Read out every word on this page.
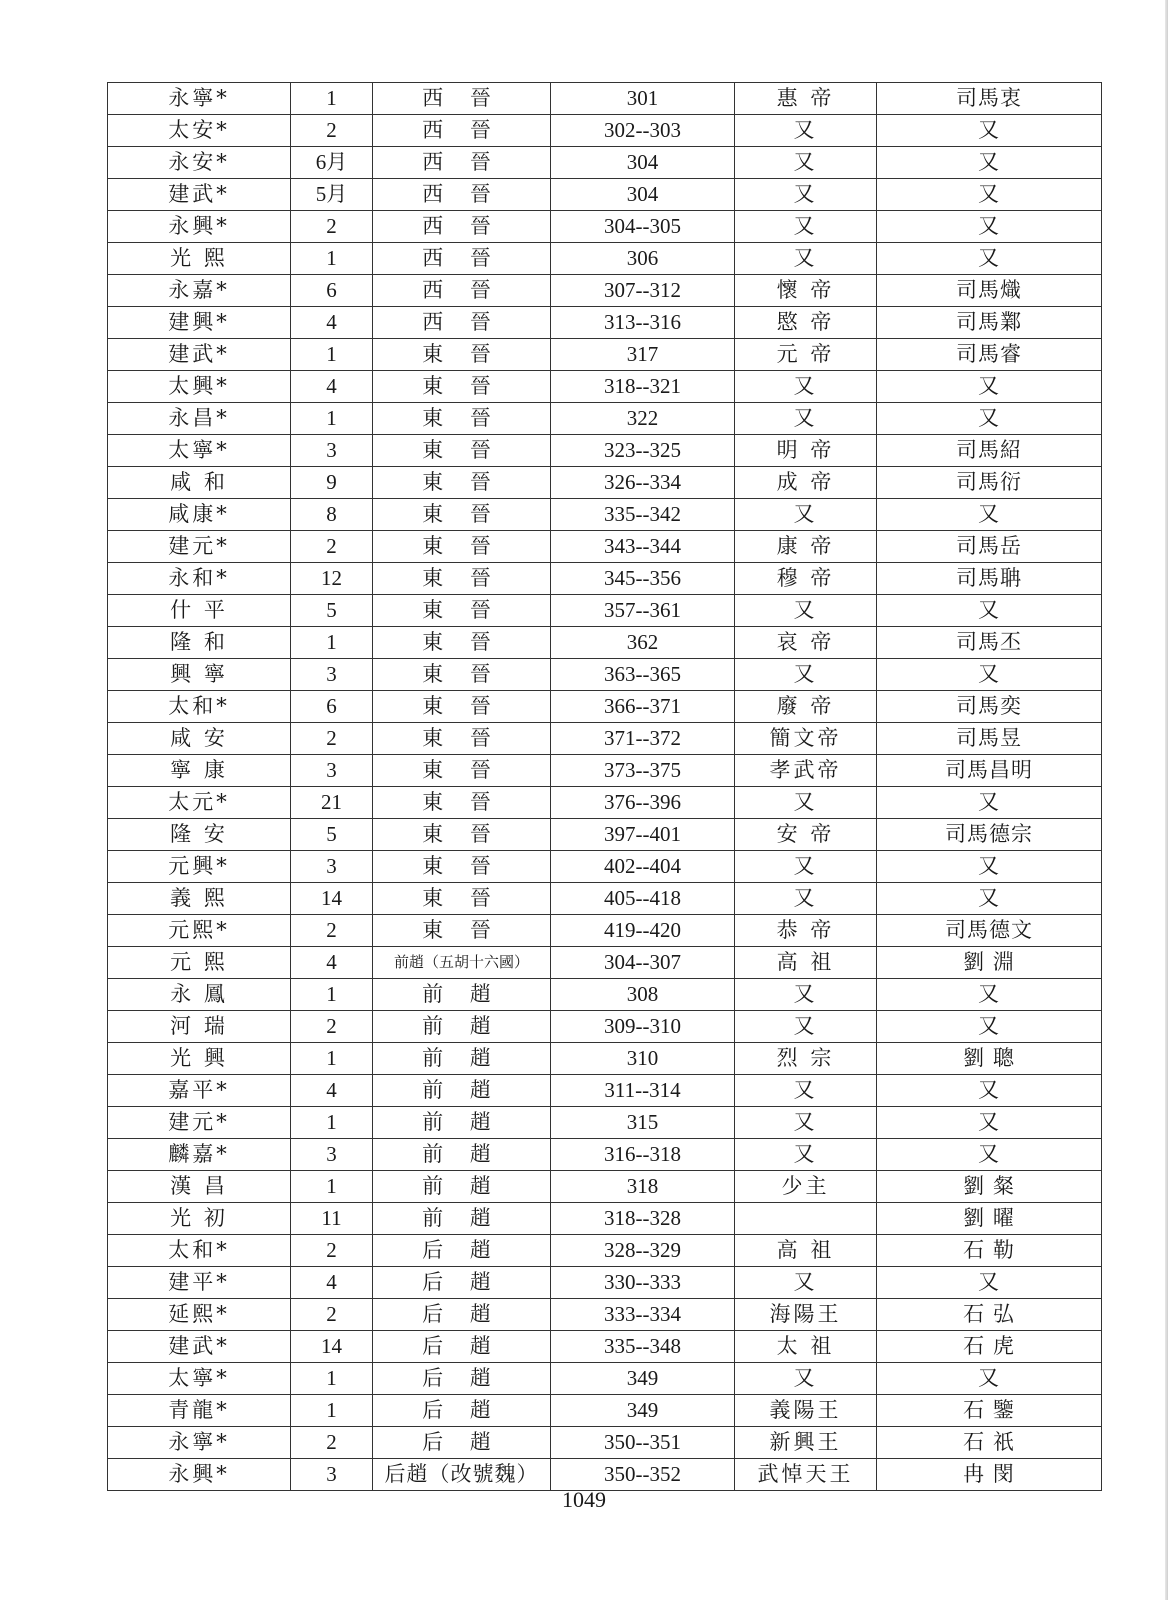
永寧*	1	西 晉	301	惠 帝	司馬衷
太安*	2	西 晉	302--303	又	又
永安*	6月	西 晉	304	又	又
建武*	5月	西 晉	304	又	又
永興*	2	西 晉	304--305	又	又
光 熙	1	西 晉	306	又	又
永嘉*	6	西 晉	307--312	懷 帝	司馬熾
建興*	4	西 晉	313--316	愍 帝	司馬鄴
建武*	1	東 晉	317	元 帝	司馬睿
太興*	4	東 晉	318--321	又	又
永昌*	1	東 晉	322	又	又
太寧*	3	東 晉	323--325	明 帝	司馬紹
咸 和	9	東 晉	326--334	成 帝	司馬衍
咸康*	8	東 晉	335--342	又	又
建元*	2	東 晉	343--344	康 帝	司馬岳
永和*	12	東 晉	345--356	穆 帝	司馬聃
什 平	5	東 晉	357--361	又	又
隆 和	1	東 晉	362	哀 帝	司馬丕
興 寧	3	東 晉	363--365	又	又
太和*	6	東 晉	366--371	廢 帝	司馬奕
咸 安	2	東 晉	371--372	簡文帝	司馬昱
寧 康	3	東 晉	373--375	孝武帝	司馬昌明
太元*	21	東 晉	376--396	又	又
隆 安	5	東 晉	397--401	安 帝	司馬德宗
元興*	3	東 晉	402--404	又	又
義 熙	14	東 晉	405--418	又	又
元熙*	2	東 晉	419--420	恭 帝	司馬德文
元 熙	4	前趙（五胡十六國）	304--307	高 祖	劉 淵
永 鳳	1	前 趙	308	又	又
河 瑞	2	前 趙	309--310	又	又
光 興	1	前 趙	310	烈 宗	劉 聰
嘉平*	4	前 趙	311--314	又	又
建元*	1	前 趙	315	又	又
麟嘉*	3	前 趙	316--318	又	又
漢 昌	1	前 趙	318	少主	劉 粲
光 初	11	前 趙	318--328		劉 曜
太和*	2	后 趙	328--329	高 祖	石 勒
建平*	4	后 趙	330--333	又	又
延熙*	2	后 趙	333--334	海陽王	石 弘
建武*	14	后 趙	335--348	太 祖	石 虎
太寧*	1	后 趙	349	又	又
青龍*	1	后 趙	349	義陽王	石 鑒
永寧*	2	后 趙	350--351	新興王	石 祇
永興*	3	后趙（改號魏）	350--352	武悼天王	冉 閔
1049
